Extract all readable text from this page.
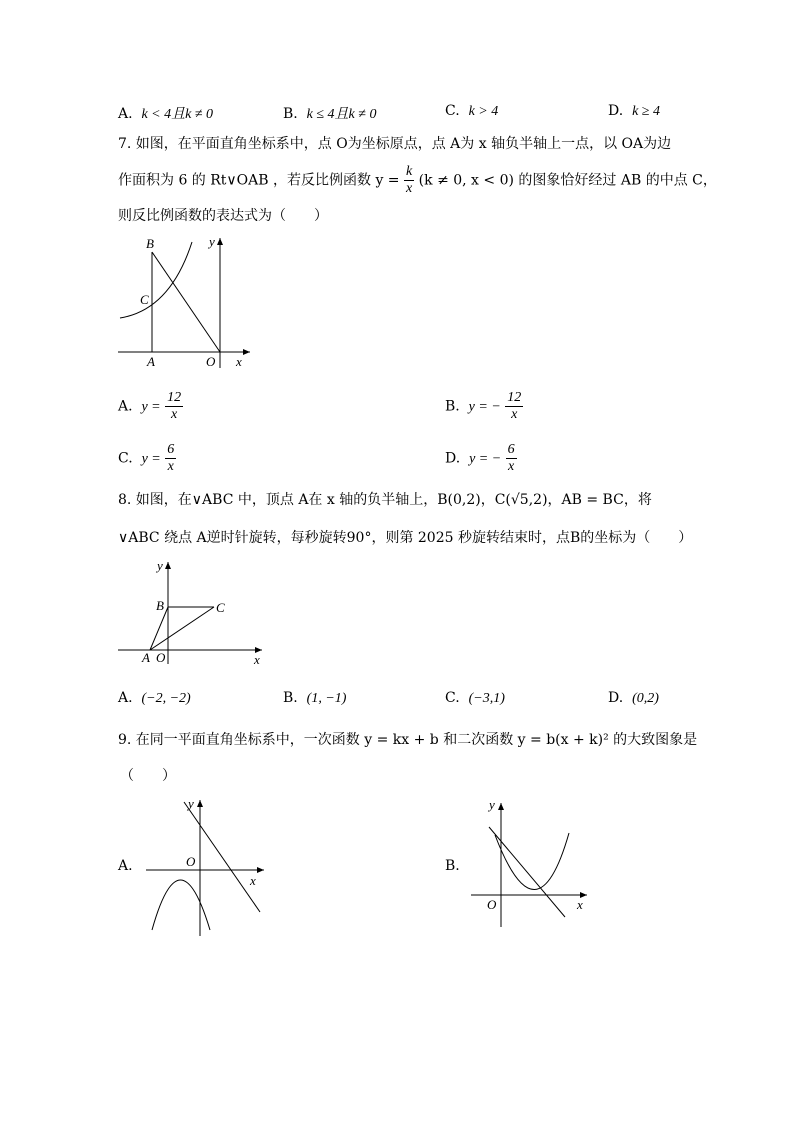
A. k < 4且k ≠ 0	B. k ≤ 4且k ≠ 0	C. k > 4	D. k ≥ 4
7. 如图，在平面直角坐标系中，点 O为坐标原点，点 A为 x 轴负半轴上一点，以 OA为边
作面积为 6 的 Rt∨OAB ，若反比例函数 $y = \frac{k}{x} (k \ne 0$, x < 0) 的图象恰好经过 AB 的中点 C，
则反比例函数的表达式为（　　）
B
C
A	O x
y
A. $y = \frac{12}{x}$	B. y = − $\frac{12}{x}$
C. $y = \frac{6}{x}$	D. y = − $\frac{6}{x}$
8. 如图，在∨ABC 中，顶点 A在 x 轴的负半轴上，B(0,2)，C(√5,2)，AB = BC，将
∨ABC 绕点 A逆时针旋转，每秒旋转90°，则第 2025 秒旋转结束时，点B的坐标为（　　）
B	C
A O	x
y
A. (−2, −2)	B. (1, −1)	C. (−3,1)	D. (0,2)
9. 在同一平面直角坐标系中，一次函数 y = kx + b 和二次函数 y = b(x + k)² 的大致图象是
（　　）
A.	O
x
y
B.
O	x
y
